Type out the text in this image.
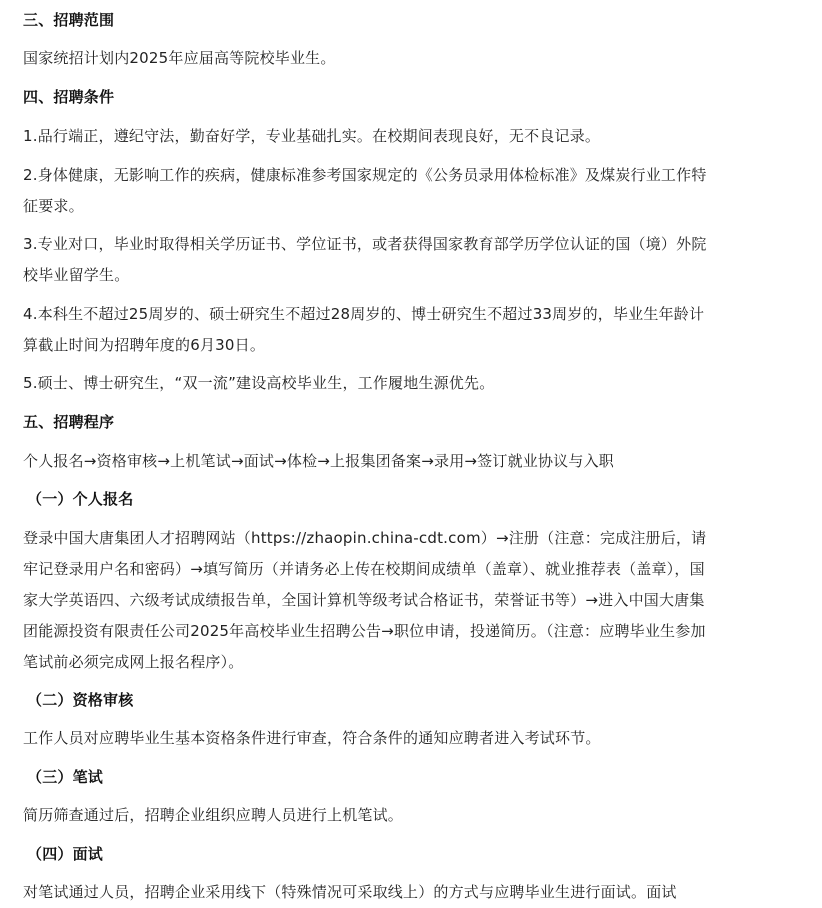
三、招聘范围

国家统招计划内2025年应届高等院校毕业生。

四、招聘条件

1.品行端正，遵纪守法，勤奋好学，专业基础扎实。在校期间表现良好，无不良记录。

2.身体健康，无影响工作的疾病，健康标准参考国家规定的《公务员录用体检标准》及煤炭行业工作特征要求。

3.专业对口，毕业时取得相关学历证书、学位证书，或者获得国家教育部学历学位认证的国（境）外院校毕业留学生。

4.本科生不超过25周岁的、硕士研究生不超过28周岁的、博士研究生不超过33周岁的，毕业生年龄计算截止时间为招聘年度的6月30日。

5.硕士、博士研究生，“双一流”建设高校毕业生，工作履地生源优先。

五、招聘程序

个人报名→资格审核→上机笔试→面试→体检→上报集团备案→录用→签订就业协议与入职

（一）个人报名

登录中国大唐集团人才招聘网站（https://zhaopin.china-cdt.com）→注册（注意：完成注册后，请牢记登录用户名和密码）→填写简历（并请务必上传在校期间成绩单（盖章）、就业推荐表（盖章），国家大学英语四、六级考试成绩报告单，全国计算机等级考试合格证书，荣誉证书等）→进入中国大唐集团能源投资有限责任公司2025年高校毕业生招聘公告→职位申请，投递简历。（注意：应聘毕业生参加笔试前必须完成网上报名程序）。

（二）资格审核

工作人员对应聘毕业生基本资格条件进行审查，符合条件的通知应聘者进入考试环节。

（三）笔试

简历筛查通过后，招聘企业组织应聘人员进行上机笔试。

（四）面试

对笔试通过人员，招聘企业采用线下（特殊情况可采取线上）的方式与应聘毕业生进行面试。面试
